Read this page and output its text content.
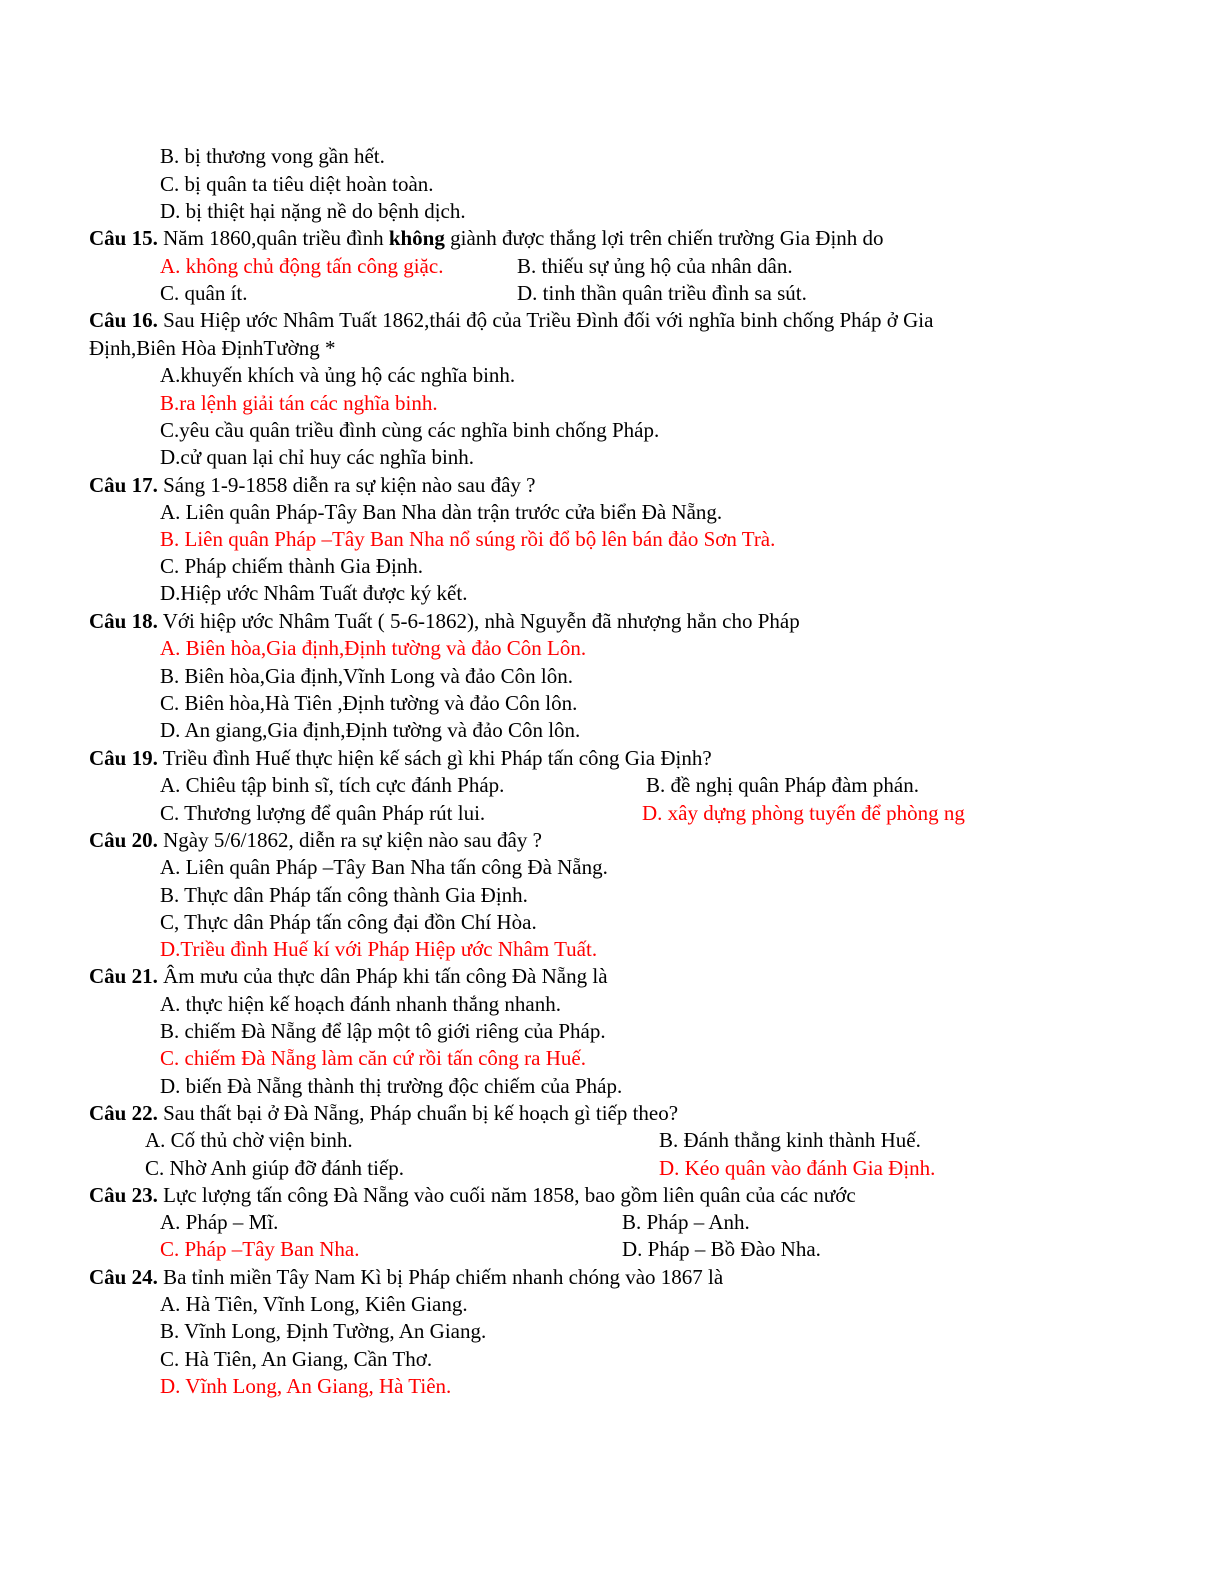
B. bị thương vong gần hết.
C. bị quân ta tiêu diệt hoàn toàn.
D. bị thiệt hại nặng nề do bệnh dịch.
Câu 15. Năm 1860,quân triều đình không giành được thắng lợi trên chiến trường Gia Định do
A. không chủ động tấn công giặc.	B. thiếu sự ủng hộ của nhân dân.
C. quân ít.	D. tinh thần quân triều đình sa sút.
Câu 16. Sau Hiệp ước Nhâm Tuất 1862,thái độ của Triều Đình đối với nghĩa binh chống Pháp ở Gia
Định,Biên Hòa ĐịnhTường *
A.khuyến khích và ủng hộ các nghĩa binh.
B.ra lệnh giải tán các nghĩa binh.
C.yêu cầu quân triều đình cùng các nghĩa binh chống Pháp.
D.cử quan lại chỉ huy các nghĩa binh.
Câu 17. Sáng 1-9-1858 diễn ra sự kiện nào sau đây ?
A. Liên quân Pháp-Tây Ban Nha dàn trận trước cửa biển Đà Nẵng.
B. Liên quân Pháp –Tây Ban Nha nổ súng rồi đổ bộ lên bán đảo Sơn Trà.
C. Pháp chiếm thành Gia Định.
D.Hiệp ước Nhâm Tuất được ký kết.
Câu 18. Với hiệp ước Nhâm Tuất ( 5-6-1862), nhà Nguyễn đã nhượng hẳn cho Pháp
A. Biên hòa,Gia định,Định tường và đảo Côn Lôn.
B. Biên hòa,Gia định,Vĩnh Long và đảo Côn lôn.
C. Biên hòa,Hà Tiên ,Định tường và đảo Côn lôn.
D. An giang,Gia định,Định tường và đảo Côn lôn.
Câu 19. Triều đình Huế thực hiện kế sách gì khi Pháp tấn công Gia Định?
A. Chiêu tập binh sĩ, tích cực đánh Pháp.	B. đề nghị quân Pháp đàm phán.
C. Thương lượng để quân Pháp rút lui.	D. xây dựng phòng tuyến để phòng ng
Câu 20. Ngày 5/6/1862, diễn ra sự kiện nào sau đây ?
A. Liên quân Pháp –Tây Ban Nha tấn công Đà Nẵng.
B. Thực dân Pháp tấn công thành Gia Định.
C, Thực dân Pháp tấn công đại đồn Chí Hòa.
D.Triều đình Huế kí với Pháp Hiệp ước Nhâm Tuất.
Câu 21. Âm mưu của thực dân Pháp khi tấn công Đà Nẵng là
A. thực hiện kế hoạch đánh nhanh thắng nhanh.
B. chiếm Đà Nẵng để lập một tô giới riêng của Pháp.
C. chiếm Đà Nẵng làm căn cứ rồi tấn công ra Huế.
D. biến Đà Nẵng thành thị trường độc chiếm của Pháp.
Câu 22. Sau thất bại ở Đà Nẵng, Pháp chuẩn bị kế hoạch gì tiếp theo?
A. Cố thủ chờ viện binh.	B. Đánh thẳng kinh thành Huế.
C. Nhờ Anh giúp đỡ đánh tiếp.	D. Kéo quân vào đánh Gia Định.
Câu 23. Lực lượng tấn công Đà Nẵng vào cuối năm 1858, bao gồm liên quân của các nước
A. Pháp – Mĩ.	B. Pháp – Anh.
C. Pháp –Tây Ban Nha.	D. Pháp – Bồ Đào Nha.
Câu 24. Ba tỉnh miền Tây Nam Kì bị Pháp chiếm nhanh chóng vào 1867 là
A. Hà Tiên, Vĩnh Long, Kiên Giang.
B. Vĩnh Long, Định Tường, An Giang.
C. Hà Tiên, An Giang, Cần Thơ.
D. Vĩnh Long, An Giang, Hà Tiên.
